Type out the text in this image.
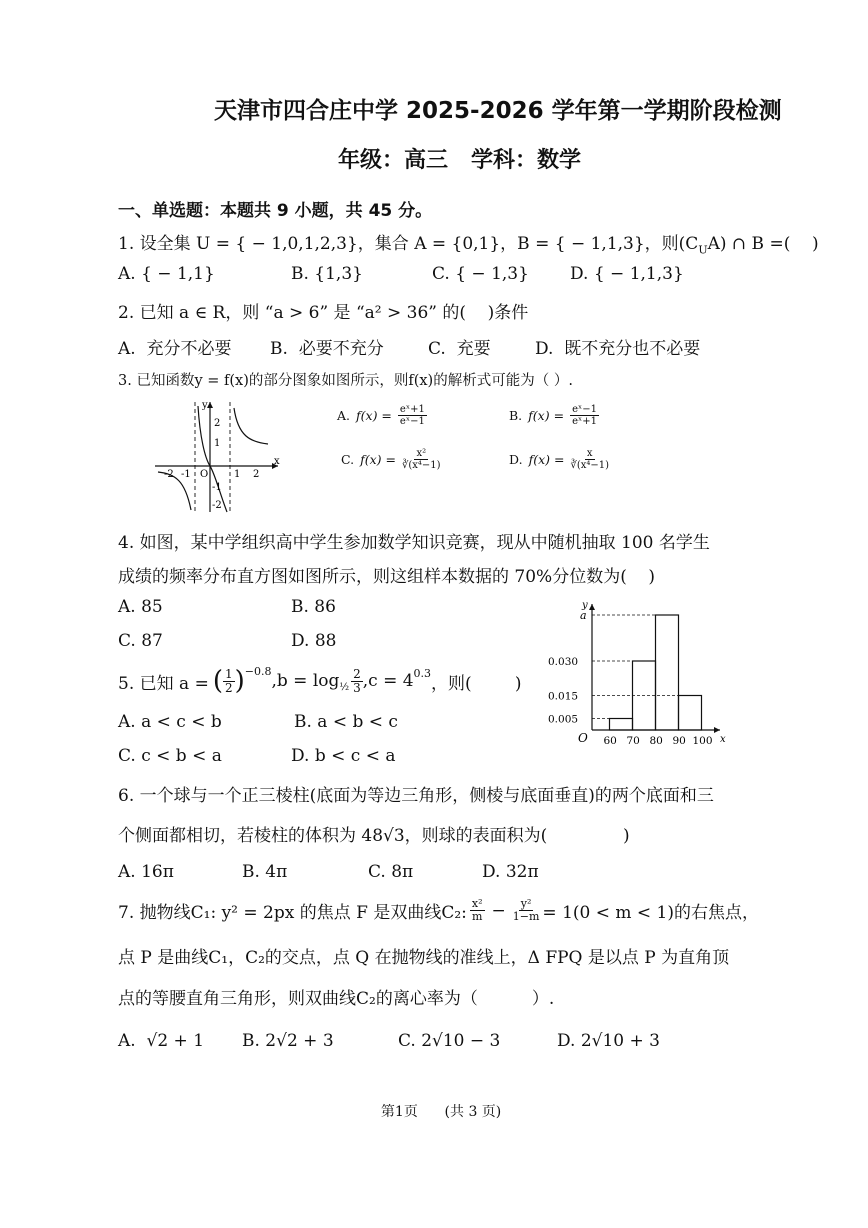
天津市四合庄中学 2025-2026 学年第一学期阶段检测
年级：高三   学科：数学
一、单选题：本题共 9 小题，共 45 分。
1. 设全集 U = { − 1,0,1,2,3}，集合 A = {0,1}，B = { − 1,1,3}，则$(C_UA)$ ∩ B =(    )
A. { − 1,1}	B. {1,3}	C. { − 1,3} D. { − 1,1,3}
2. 已知 a ∈ R，则 “a > 6” 是 “a² > 36” 的(    )条件
A.  充分不必要 B.  必要不充分	C.  充要	D.  既不充分也不必要
3. 已知函数y = f(x)的部分图象如图所示，则f(x)的解析式可能为（ ）.
y
x
O
2
1
-1
-2
-2 -1	1 2
A. $f(x) = \frac{\text{eˣ+1}}{\text{eˣ−1}}$	B. $f(x) = \frac{\text{eˣ−1}}{\text{eˣ+1}}$
C. $f(x) = \frac{\text{x²}}{\text{∛(x⁴−1)}}$	D. $f(x) = \frac{x}{\text{∛(x⁴−1)}}$
4. 如图，某中学组织高中学生参加数学知识竞赛，现从中随机抽取 100 名学生
成绩的频率分布直方图如图所示，则这组样本数据的 70%分位数为(    )
A. 85	B. 86
C. 87	D. 88
y
x
O
0.005
0.015
0.030
a
60 70 80 90 100
5. 已知 a = ( $\frac{1}{2} )^{-0.8}$ $,b = \log_{\frac{1}{2}} \frac{2}{3} ,c = 4^{0.3}$
，则(        )
A. a < c < b	B. a < b < c
C. c < b < a	D. b < c < a
6. 一个球与一个正三棱柱(底面为等边三角形，侧棱与底面垂直)的两个底面和三
个侧面都相切，若棱柱的体积为 48√3，则球的表面积为(              )
A. 16π	B. 4π	C. 8π	D. 32π
7. 抛物线C₁: y² = 2px 的焦点 F 是双曲线C₂: $\frac{\text{x²}}{m} - \frac{\text{y²}}{1-m} = 1(0 < m < 1)$的右焦点，
点 P 是曲线C₁，C₂的交点，点 Q 在抛物线的准线上，Δ FPQ 是以点 P 为直角顶
点的等腰直角三角形，则双曲线C₂的离心率为（          ）.
A.  √2 + 1 B. 2√2 + 3	C. 2√10 − 3	D. 2√10 + 3

第1页 (共 3 页)
